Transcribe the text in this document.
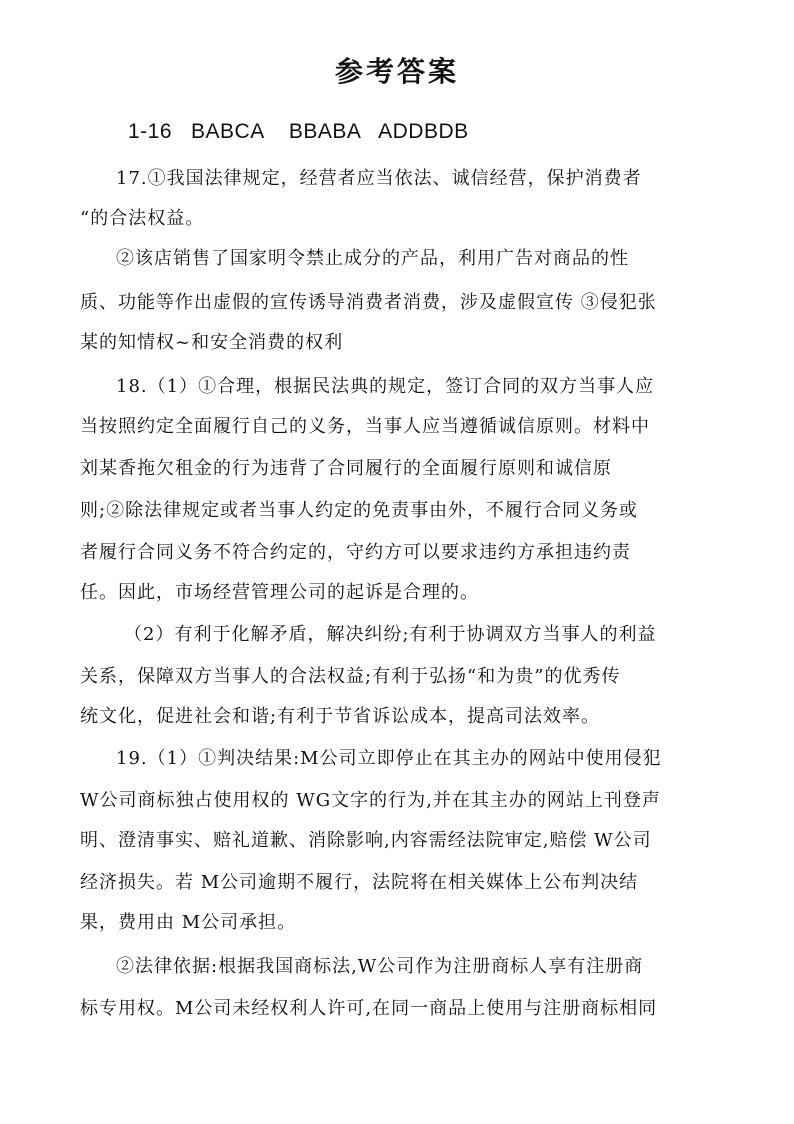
参考答案
1-16   BABCA    BBABA   ADDBDB
17.①我国法律规定，经营者应当依法、诚信经营，保护消费者
“的合法权益。
②该店销售了国家明令禁止成分的产品，利用广告对商品的性
质、功能等作出虚假的宣传诱导消费者消费，涉及虚假宣传 ③侵犯张
某的知情权~和安全消费的权利
18.（1）①合理，根据民法典的规定，签订合同的双方当事人应
当按照约定全面履行自己的义务，当事人应当遵循诚信原则。材料中
刘某香拖欠租金的行为违背了合同履行的全面履行原则和诚信原
则;②除法律规定或者当事人约定的免责事由外，不履行合同义务或
者履行合同义务不符合约定的，守约方可以要求违约方承担违约责
任。因此，市场经营管理公司的起诉是合理的。
（2）有利于化解矛盾，解决纠纷;有利于协调双方当事人的利益
关系，保障双方当事人的合法权益;有利于弘扬“和为贵”的优秀传
统文化，促进社会和谐;有利于节省诉讼成本，提高司法效率。
19.（1）①判决结果:M公司立即停止在其主办的网站中使用侵犯
W公司商标独占使用权的 WG文字的行为,并在其主办的网站上刊登声
明、澄清事实、赔礼道歉、消除影响,内容需经法院审定,赔偿 W公司
经济损失。若 M公司逾期不履行，法院将在相关媒体上公布判决结
果，费用由 M公司承担。
②法律依据:根据我国商标法,W公司作为注册商标人享有注册商
标专用权。M公司未经权利人许可,在同一商品上使用与注册商标相同
